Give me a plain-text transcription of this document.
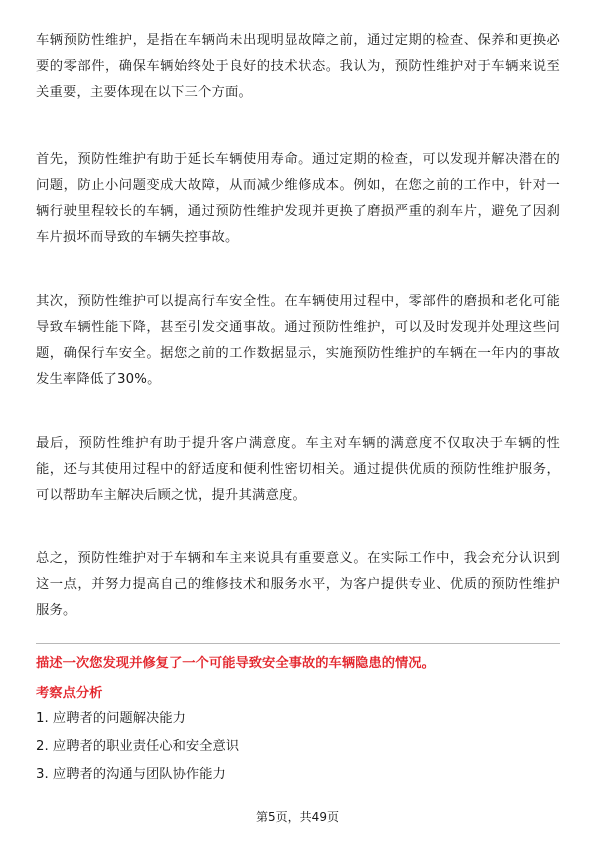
车辆预防性维护，是指在车辆尚未出现明显故障之前，通过定期的检查、保养和更换必要的零部件，确保车辆始终处于良好的技术状态。我认为，预防性维护对于车辆来说至关重要，主要体现在以下三个方面。

首先，预防性维护有助于延长车辆使用寿命。通过定期的检查，可以发现并解决潜在的问题，防止小问题变成大故障，从而减少维修成本。例如，在您之前的工作中，针对一辆行驶里程较长的车辆，通过预防性维护发现并更换了磨损严重的刹车片，避免了因刹车片损坏而导致的车辆失控事故。

其次，预防性维护可以提高行车安全性。在车辆使用过程中，零部件的磨损和老化可能导致车辆性能下降，甚至引发交通事故。通过预防性维护，可以及时发现并处理这些问题，确保行车安全。据您之前的工作数据显示，实施预防性维护的车辆在一年内的事故发生率降低了30%。

最后，预防性维护有助于提升客户满意度。车主对车辆的满意度不仅取决于车辆的性能，还与其使用过程中的舒适度和便利性密切相关。通过提供优质的预防性维护服务，可以帮助车主解决后顾之忧，提升其满意度。

总之，预防性维护对于车辆和车主来说具有重要意义。在实际工作中，我会充分认识到这一点，并努力提高自己的维修技术和服务水平，为客户提供专业、优质的预防性维护服务。

描述一次您发现并修复了一个可能导致安全事故的车辆隐患的情况。

考察点分析

1. 应聘者的问题解决能力
2. 应聘者的职业责任心和安全意识
3. 应聘者的沟通与团队协作能力
第5页，共49页
